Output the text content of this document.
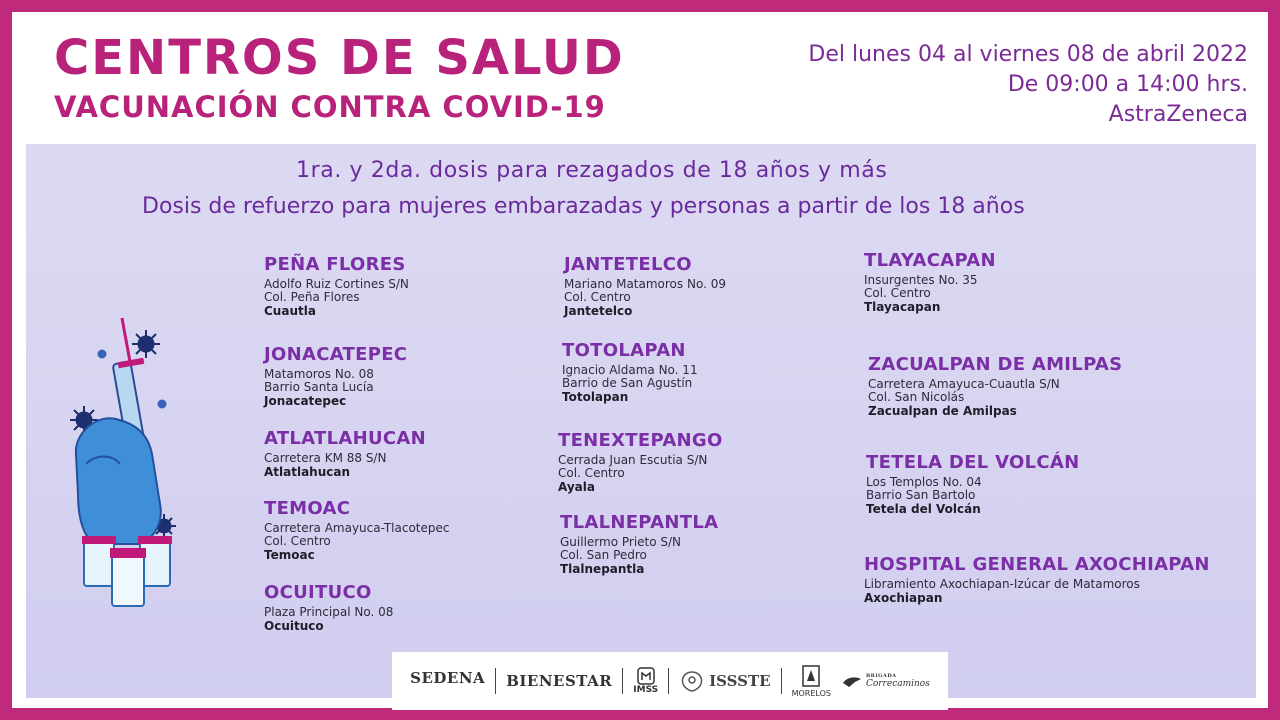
CENTROS DE SALUD
VACUNACIÓN CONTRA COVID-19
Del lunes 04 al viernes 08 de abril 2022
De 09:00 a 14:00 hrs.
AstraZeneca
1ra. y 2da. dosis para rezagados de 18 años y más
Dosis de refuerzo para mujeres embarazadas y personas a partir de los 18 años
PEÑA FLORES
Adolfo Ruiz Cortines S/N
Col. Peña Flores
Cuautla
JONACATEPEC
Matamoros No. 08
Barrio Santa Lucía
Jonacatepec
ATLATLAHUCAN
Carretera KM 88 S/N
Atlatlahucan
TEMOAC
Carretera Amayuca-Tlacotepec
Col. Centro
Temoac
OCUITUCO
Plaza Principal No. 08
Ocuituco
JANTETELCO
Mariano Matamoros No. 09
Col. Centro
Jantetelco
TOTOLAPAN
Ignacio Aldama No. 11
Barrio de San Agustín
Totolapan
TENEXTEPANGO
Cerrada Juan Escutia S/N
Col. Centro
Ayala
TLALNEPANTLA
Guillermo Prieto S/N
Col. San Pedro
Tlalnepantla
TLAYACAPAN
Insurgentes No. 35
Col. Centro
Tlayacapan
ZACUALPAN DE AMILPAS
Carretera Amayuca-Cuautla S/N
Col. San Nicolás
Zacualpan de Amilpas
TETELA DEL VOLCÁN
Los Templos No. 04
Barrio San Bartolo
Tetela del Volcán
HOSPITAL GENERAL AXOCHIAPAN
Libramiento Axochiapan-Izúcar de Matamoros
Axochiapan
SEDENA
BIENESTAR IMSS	ISSSTE
MORELOS
BRIGADA
Correcaminos
